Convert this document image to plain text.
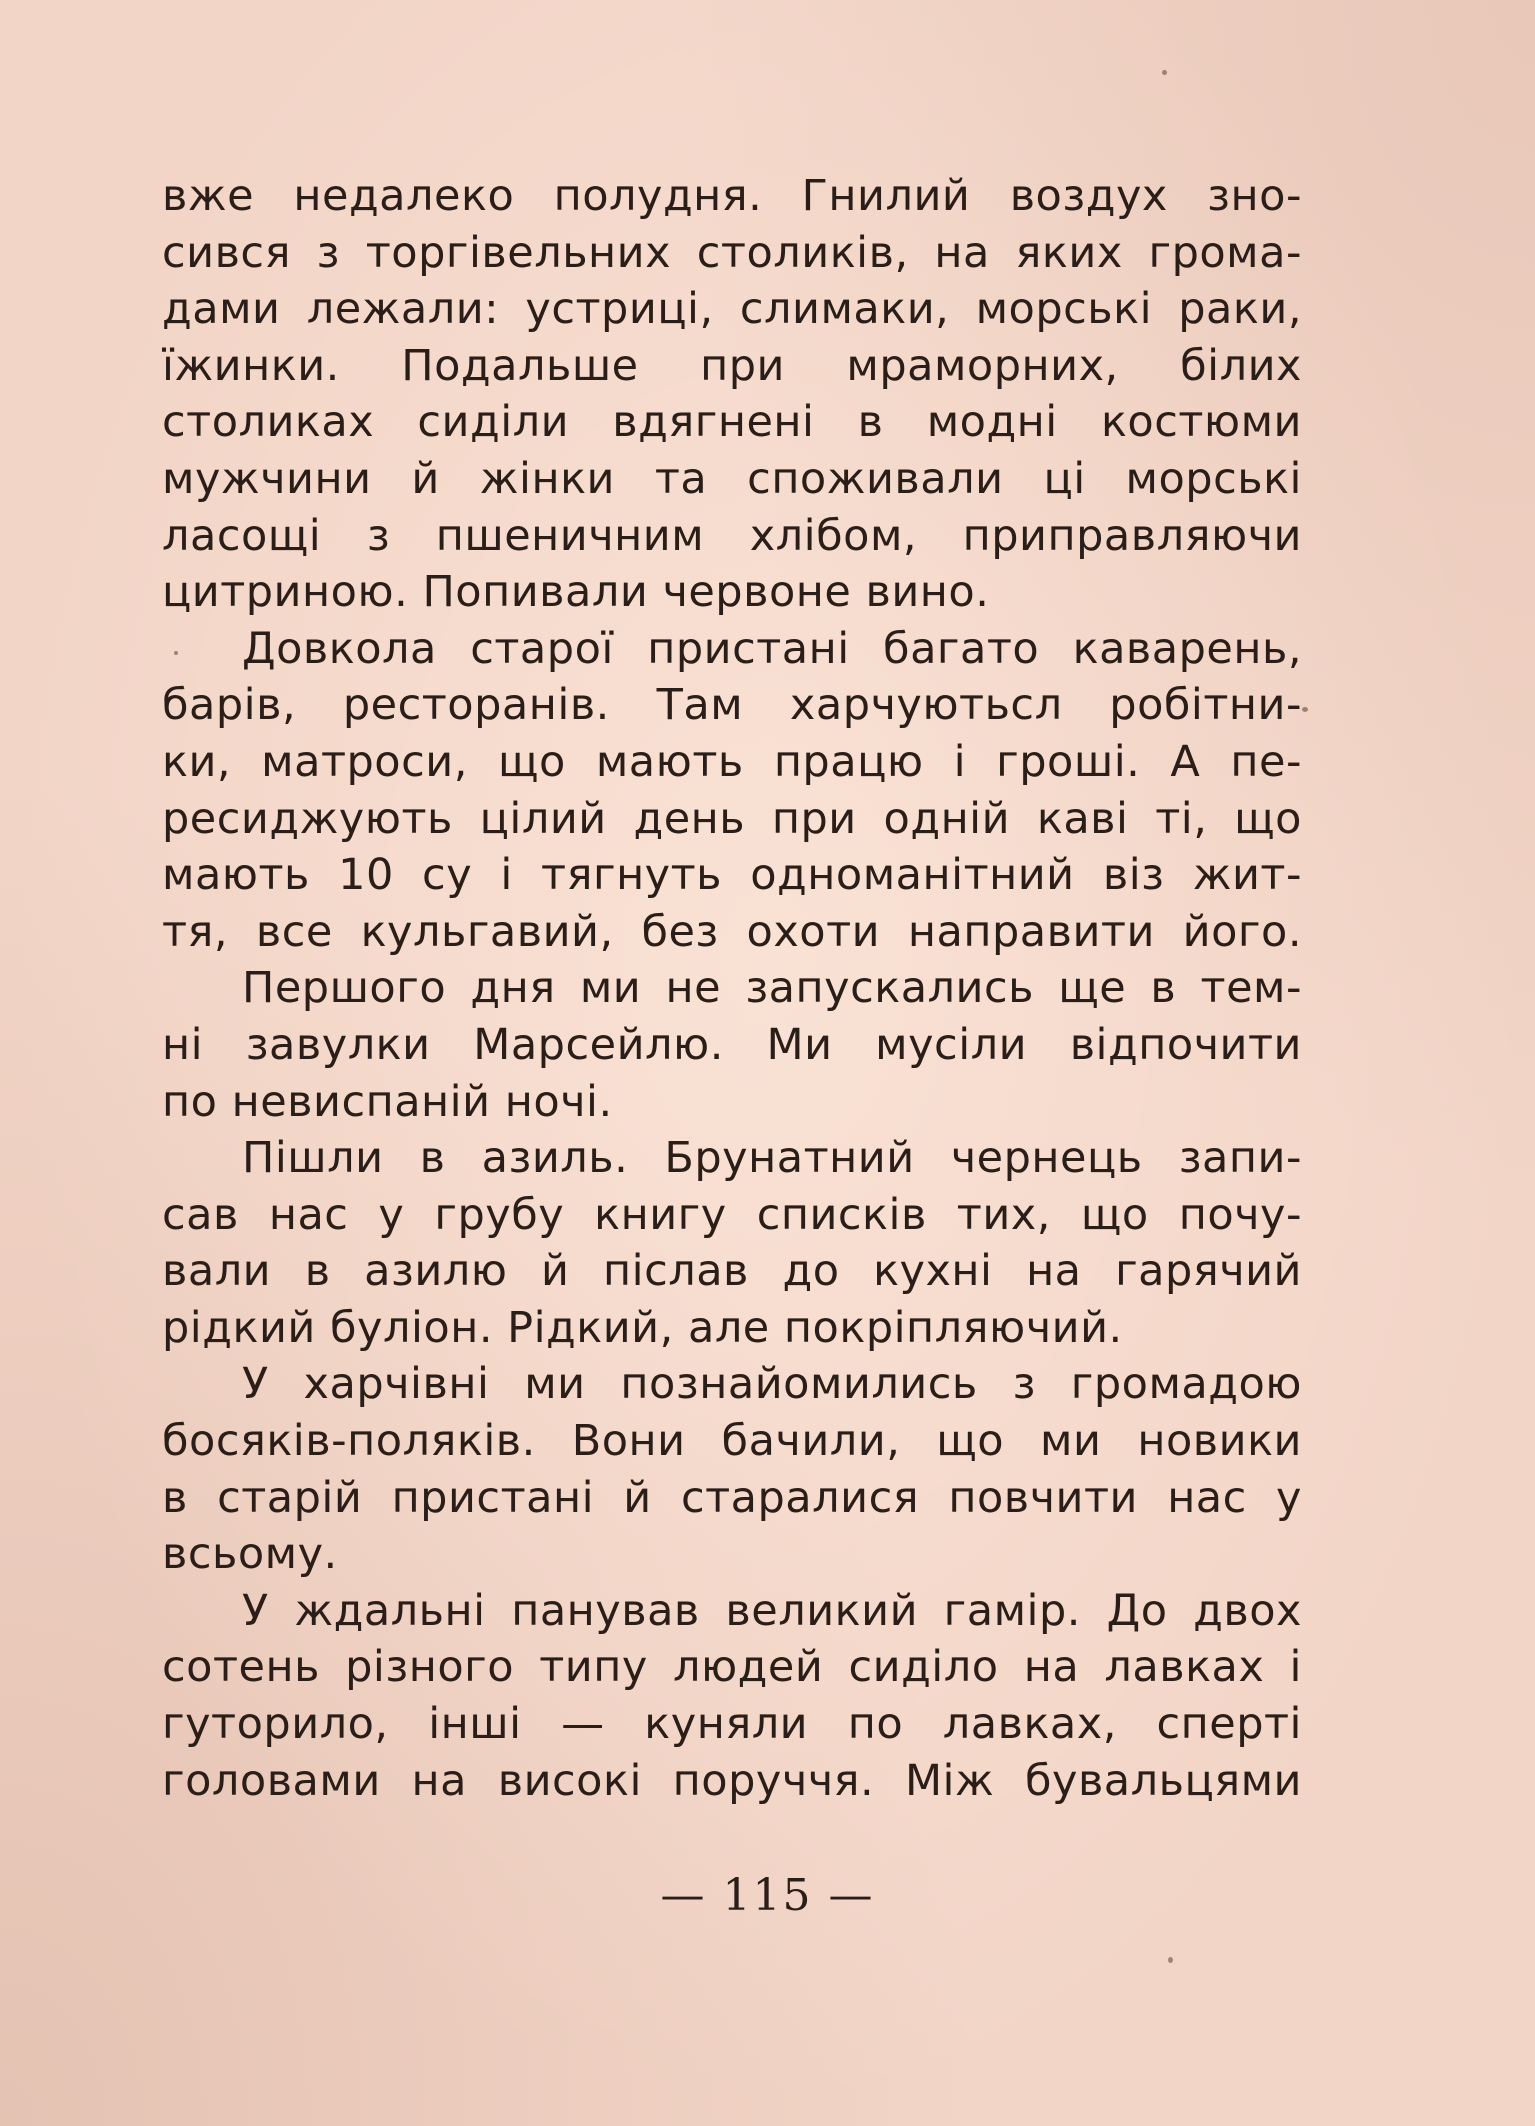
вже недалеко полудня. Гнилий воздух зно-
сився з торгівельних столиків, на яких грома-
дами лежали: устриці, слимаки, морські раки,
їжинки. Подальше при мраморних, білих
столиках сиділи вдягнені в модні костюми
мужчини й жінки та споживали ці морські
ласощі з пшеничним хлібом, приправляючи
цитриною. Попивали червоне вино.
Довкола старої пристані багато каварень,
барів, ресторанів. Там харчуютьсл робітни-
ки, матроси, що мають працю і гроші. А пе-
ресиджують цілий день при одній каві ті, що
мають 10 су і тягнуть одноманітний віз жит-
тя, все кульгавий, без охоти направити його.
Першого дня ми не запускались ще в тем-
ні завулки Марсейлю. Ми мусіли відпочити
по невиспаній ночі.
Пішли в азиль. Брунатний чернець запи-
сав нас у грубу книгу списків тих, що почу-
вали в азилю й післав до кухні на гарячий
рідкий буліон. Рідкий, але покріпляючий.
У харчівні ми познайомились з громадою
босяків-поляків. Вони бачили, що ми новики
в старій пристані й старалися повчити нас у
всьому.
У ждальні панував великий гамір. До двох
сотень різного типу людей сиділо на лавках і
гуторило, інші — куняли по лавках, сперті
головами на високі поруччя. Між бувальцями
— 115 —
